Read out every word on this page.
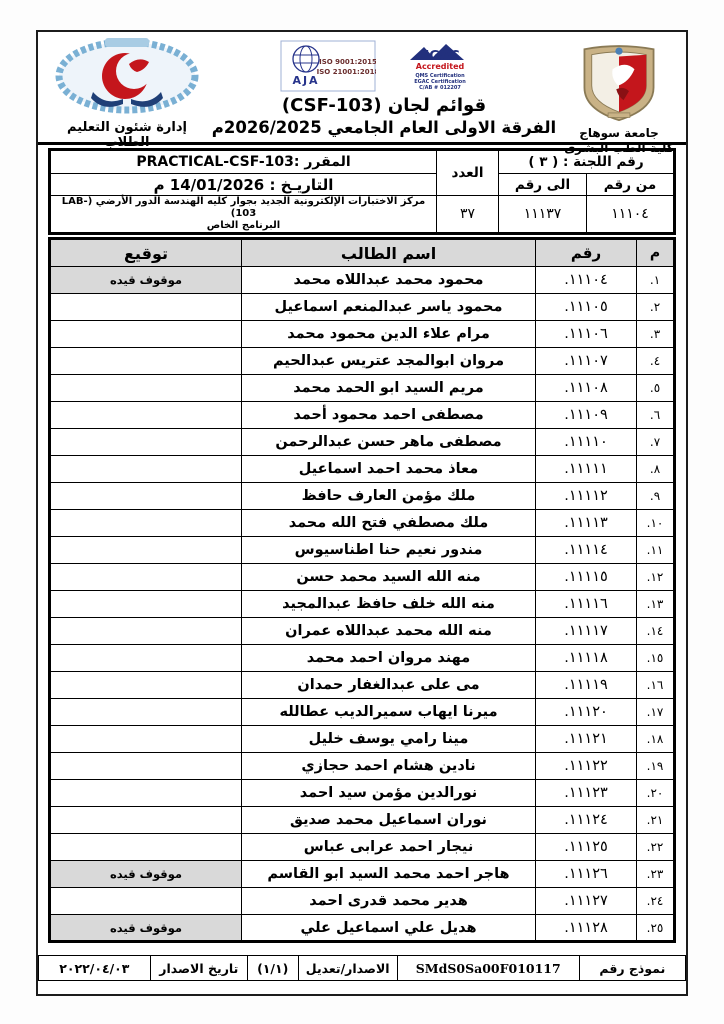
جامعة سوهاج
كلية الطب البشرى
EGAC
Accredited
QMS Certification
EGAC Certification
C/AB # 012207
AJA
ISO 9001:2015
ISO 21001:2018
قوائم لجان (CSF-103)
الفرقة الاولى العام الجامعي 2026/2025م
إدارة شئون التعليم الطلاب
رقم اللجنة : ( ٣ )		العدد	المقرر :PRACTICAL-CSF-103
من رقم	الى رقم		التاريـخ : 14/01/2026 م
١١١٠٤	١١١٣٧	٣٧	مركز الاختبارات الإلكترونية الجديد بجوار كليه الهندسة الدور الأرضي (LAB-103)
البرنامج الخاص
م	رقم	اسم الطالب	توقيع
١.	١١١٠٤.	محمود محمد عبداللاه محمد	موقوف قيده
٢.	١١١٠٥.	محمود ياسر عبدالمنعم اسماعيل	
٣.	١١١٠٦.	مرام علاء الدين محمود محمد	
٤.	١١١٠٧.	مروان ابوالمجد عتريس عبدالحيم	
٥.	١١١٠٨.	مريم السيد ابو الحمد محمد	
٦.	١١١٠٩.	مصطفى احمد محمود أحمد	
٧.	١١١١٠.	مصطفى ماهر حسن عبدالرحمن	
٨.	١١١١١.	معاذ محمد احمد اسماعيل	
٩.	١١١١٢.	ملك مؤمن العارف حافظ	
١٠.	١١١١٣.	ملك مصطفي فتح الله محمد	
١١.	١١١١٤.	مندور نعيم حنا اطناسيوس	
١٢.	١١١١٥.	منه الله السيد محمد حسن	
١٣.	١١١١٦.	منه الله خلف حافظ عبدالمجيد	
١٤.	١١١١٧.	منه الله محمد عبداللاه عمران	
١٥.	١١١١٨.	مهند مروان احمد محمد	
١٦.	١١١١٩.	مى على عبدالغفار حمدان	
١٧.	١١١٢٠.	ميرنا ايهاب سميرالديب عطالله	
١٨.	١١١٢١.	مينا رامي يوسف خليل	
١٩.	١١١٢٢.	نادين هشام احمد حجازي	
٢٠.	١١١٢٣.	نورالدين مؤمن سيد احمد	
٢١.	١١١٢٤.	نوران اسماعيل محمد صديق	
٢٢.	١١١٢٥.	نيجار احمد عرابى عباس	
٢٣.	١١١٢٦.	هاجر احمد محمد السيد ابو القاسم	موقوف قيده
٢٤.	١١١٢٧.	هدير محمد قدرى احمد	
٢٥.	١١١٢٨.	هديل علي اسماعيل علي	موقوف قيده
نموذج رقم	SMdS0Sa00F010117	الاصدار/تعديل	(١/١)	تاريخ الاصدار	٢٠٢٢/٠٤/٠٣
